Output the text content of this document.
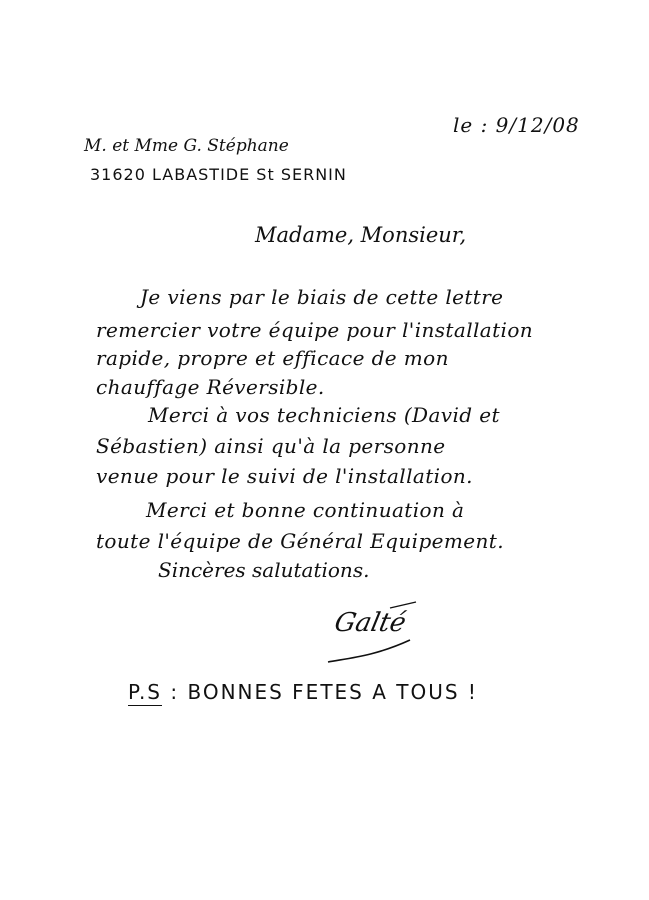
M. et Mme G. Stéphane
le : 9/12/08
31620 LABASTIDE St SERNIN
Madame, Monsieur,
Je viens par le biais de cette lettre
remercier votre équipe pour l'installation
rapide, propre et efficace de mon
chauffage Réversible.
Merci à vos techniciens (David et
Sébastien) ainsi qu'à la personne
venue pour le suivi de l'installation.
Merci et bonne continuation à
toute l'équipe de Général Equipement.
Sincères salutations.
Galté
P.S : BONNES FETES A TOUS !
